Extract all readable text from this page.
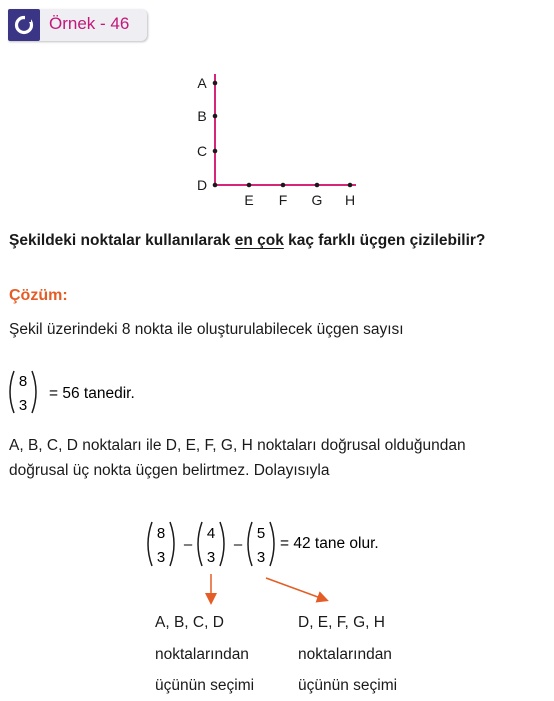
Örnek - 46
A
B
C
D
E F G H
Şekildeki noktalar kullanılarak en çok kaç farklı üçgen çizilebilir?
Çözüm:
Şekil üzerindeki 8 nokta ile oluşturulabilecek üçgen sayısı
8
3
= 56 tanedir.
A, B, C, D noktaları ile D, E, F, G, H noktaları doğrusal olduğundan
doğrusal üç nokta üçgen belirtmez. Dolayısıyla
8
3
–
4
3
–
5
3
= 42 tane olur.
A, B, C, D
noktalarından
üçünün seçimi
D, E, F, G, H
noktalarından
üçünün seçimi
